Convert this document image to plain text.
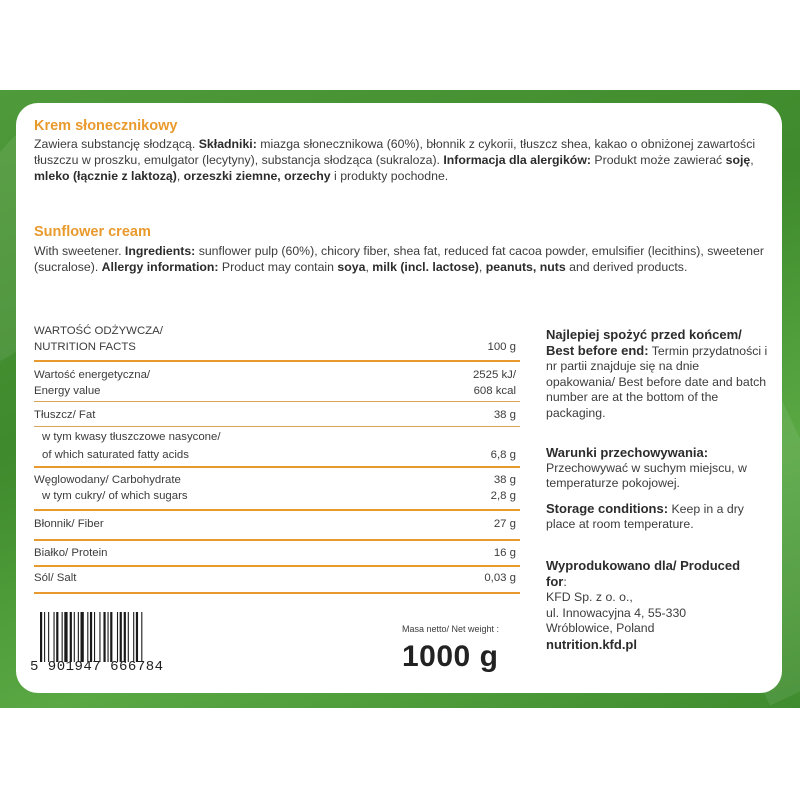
Krem słonecznikowy
Zawiera substancję słodzącą. Składniki: miazga słonecznikowa (60%), błonnik z cykorii, tłuszcz shea, kakao o obniżonej zawartości tłuszczu w proszku, emulgator (lecytyny), substancja słodząca (sukraloza). Informacja dla alergików: Produkt może zawierać soję, mleko (łącznie z laktozą), orzeszki ziemne, orzechy i produkty pochodne.
Sunflower cream
With sweetener. Ingredients: sunflower pulp (60%), chicory fiber, shea fat, reduced fat cacoa powder, emulsifier (lecithins), sweetener (sucralose). Allergy information: Product may contain soya, milk (incl. lactose), peanuts, nuts and derived products.
WARTOŚĆ ODŻYWCZA/
NUTRITION FACTS	100 g
Wartość energetyczna/	2525 kJ/
Energy value	608 kcal
Tłuszcz/ Fat	38 g
w tym kwasy tłuszczowe nasycone/
of which saturated fatty acids	6,8 g
Węglowodany/ Carbohydrate	38 g
w tym cukry/ of which sugars	2,8 g
Błonnik/ Fiber	27 g
Białko/ Protein	16 g
Sól/ Salt	0,03 g
Najlepiej spożyć przed końcem/
Best before end: Termin przydatności i nr partii znajduje się na dnie opakowania/ Best before date and batch number are at the bottom of the packaging.
Warunki przechowywania:
Przechowywać w suchym miejscu, w temperaturze pokojowej.
Storage conditions: Keep in a dry place at room temperature.
Wyprodukowano dla/ Produced
for:
KFD Sp. z o. o.,
ul. Innowacyjna 4, 55-330
Wróblowice, Poland
nutrition.kfd.pl
5 901947 666784
Masa netto/ Net weight :
1000 g
